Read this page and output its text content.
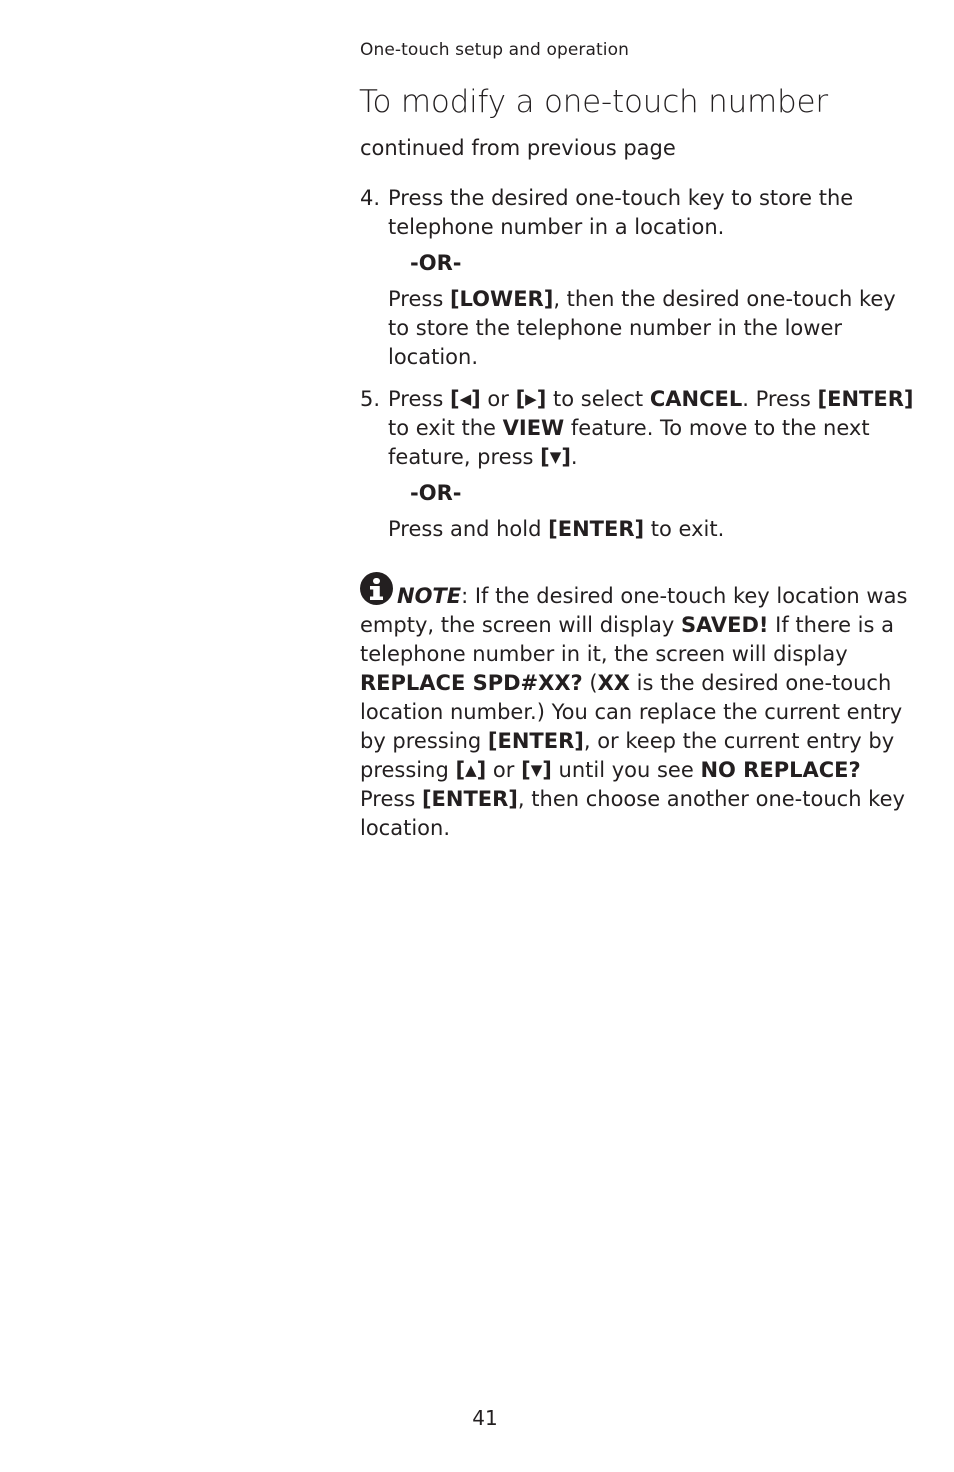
One-touch setup and operation
To modify a one-touch number
continued from previous page
4. Press the desired one-touch key to store the telephone number in a location.

-OR-

Press [LOWER], then the desired one-touch key to store the telephone number in the lower location.

5. Press [◀] or [▶] to select CANCEL. Press [ENTER] to exit the VIEW feature. To move to the next feature, press [▼].

-OR-

Press and hold [ENTER] to exit.

NOTE: If the desired one-touch key location was empty, the screen will display SAVED! If there is a telephone number in it, the screen will display REPLACE SPD#XX? (XX is the desired one-touch location number.) You can replace the current entry by pressing [ENTER], or keep the current entry by pressing [▲] or [▼] until you see NO REPLACE? Press [ENTER], then choose another one-touch key location.
41
